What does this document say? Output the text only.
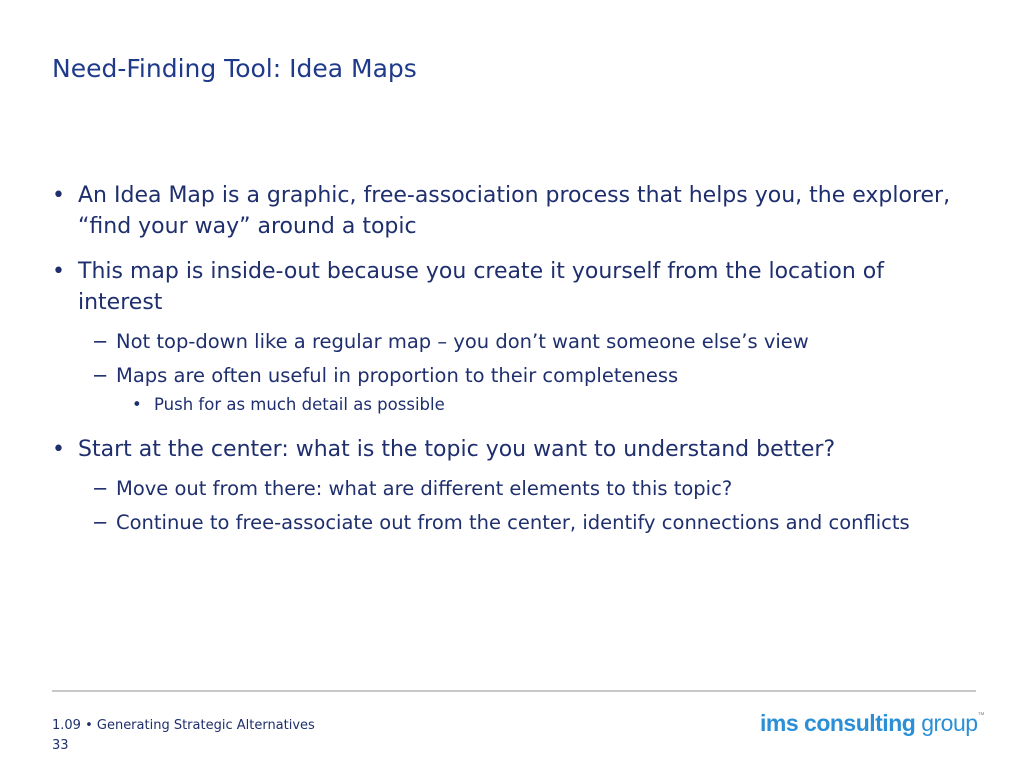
Need-Finding Tool: Idea Maps
• An Idea Map is a graphic, free-association process that helps you, the explorer, “find your way” around a topic
• This map is inside-out because you create it yourself from the location of interest
− Not top-down like a regular map – you don’t want someone else’s view
− Maps are often useful in proportion to their completeness
• Push for as much detail as possible
• Start at the center: what is the topic you want to understand better?
− Move out from there: what are different elements to this topic?
− Continue to free-associate out from the center, identify connections and conflicts
1.09 • Generating Strategic Alternatives
33
ims consulting group™
